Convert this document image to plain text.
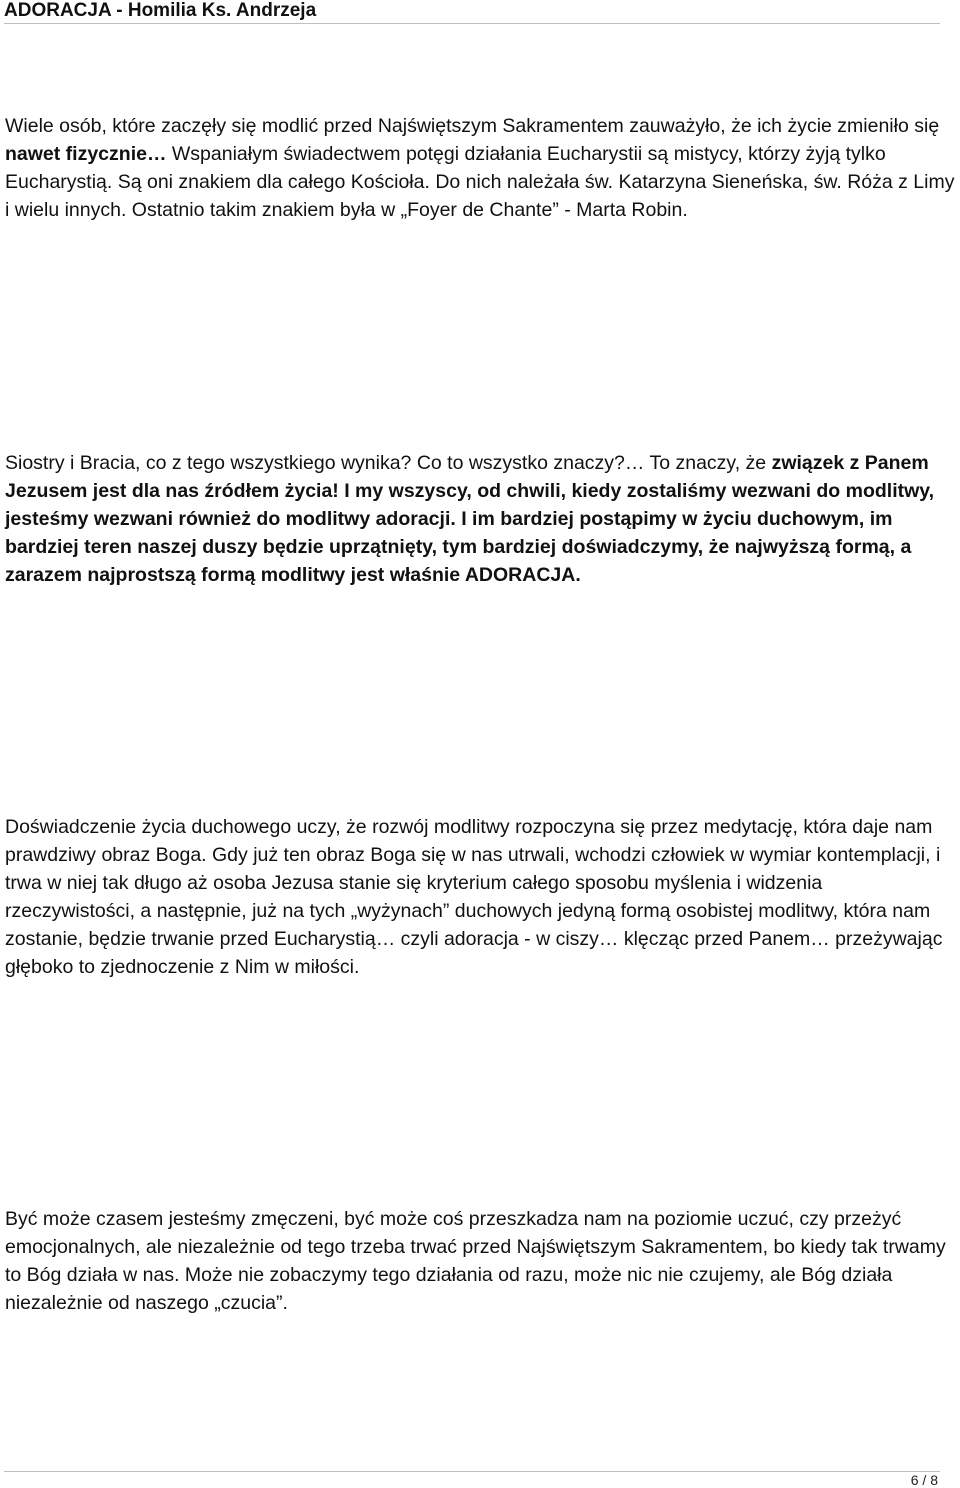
ADORACJA - Homilia Ks. Andrzeja

Wiele osób, które zaczęły się modlić przed Najświętszym Sakramentem zauważyło, że ich życie zmieniło się nawet fizycznie… Wspaniałym świadectwem potęgi działania Eucharystii są mistycy, którzy żyją tylko Eucharystią. Są oni znakiem dla całego Kościoła. Do nich należała św. Katarzyna Sieneńska, św. Róża z Limy i wielu innych. Ostatnio takim znakiem była w „Foyer de Chante” - Marta Robin.

Siostry i Bracia, co z tego wszystkiego wynika? Co to wszystko znaczy?… To znaczy, że związek z Panem Jezusem jest dla nas źródłem życia! I my wszyscy, od chwili, kiedy zostaliśmy wezwani do modlitwy, jesteśmy wezwani również do modlitwy adoracji. I im bardziej postąpimy w życiu duchowym, im bardziej teren naszej duszy będzie uprzątnięty, tym bardziej doświadczymy, że najwyższą formą, a zarazem najprostszą formą modlitwy jest właśnie ADORACJA.

Doświadczenie życia duchowego uczy, że rozwój modlitwy rozpoczyna się przez medytację, która daje nam prawdziwy obraz Boga. Gdy już ten obraz Boga się w nas utrwali, wchodzi człowiek w wymiar kontemplacji, i trwa w niej tak długo aż osoba Jezusa stanie się kryterium całego sposobu myślenia i widzenia rzeczywistości, a następnie, już na tych „wyżynach” duchowych jedyną formą osobistej modlitwy, która nam zostanie, będzie trwanie przed Eucharystią… czyli adoracja - w ciszy… klęcząc przed Panem… przeżywając głęboko to zjednoczenie z Nim w miłości.

Być może czasem jesteśmy zmęczeni, być może coś przeszkadza nam na poziomie uczuć, czy przeżyć emocjonalnych, ale niezależnie od tego trzeba trwać przed Najświętszym Sakramentem, bo kiedy tak trwamy to Bóg działa w nas. Może nie zobaczymy tego działania od razu, może nic nie czujemy, ale Bóg działa niezależnie od naszego „czucia”.

6 / 8
